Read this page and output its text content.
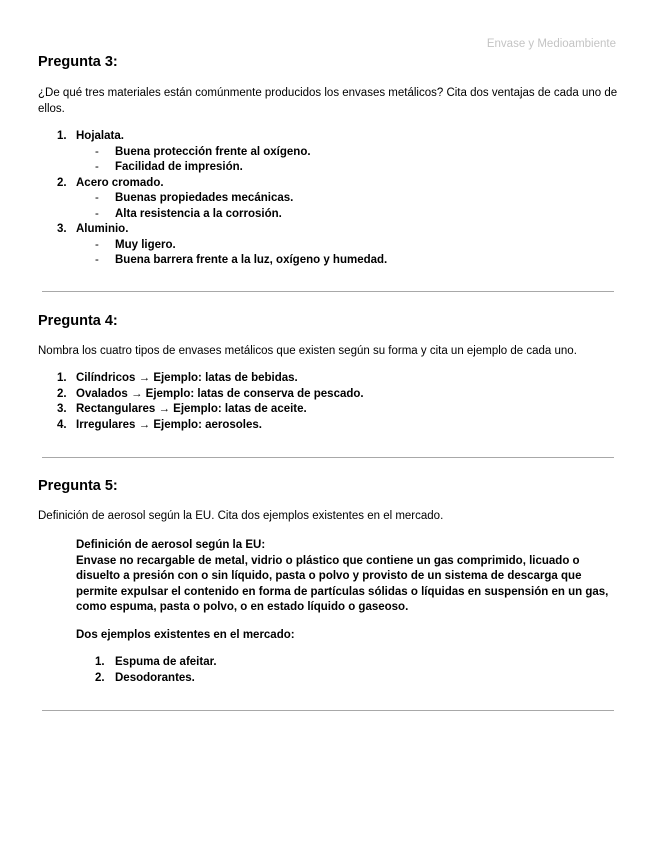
Envase y Medioambiente
Pregunta 3:

¿De qué tres materiales están comúnmente producidos los envases metálicos? Cita dos ventajas de cada uno de ellos.

1. Hojalata.
- Buena protección frente al oxígeno.
- Facilidad de impresión.
2. Acero cromado.
- Buenas propiedades mecánicas.
- Alta resistencia a la corrosión.
3. Aluminio.
- Muy ligero.
- Buena barrera frente a la luz, oxígeno y humedad.
Pregunta 4:

Nombra los cuatro tipos de envases metálicos que existen según su forma y cita un ejemplo de cada uno.

1. Cilíndricos → Ejemplo: latas de bebidas.
2. Ovalados → Ejemplo: latas de conserva de pescado.
3. Rectangulares → Ejemplo: latas de aceite.
4. Irregulares → Ejemplo: aerosoles.
Pregunta 5:

Definición de aerosol según la EU. Cita dos ejemplos existentes en el mercado.

Definición de aerosol según la EU:

Envase no recargable de metal, vidrio o plástico que contiene un gas comprimido, licuado o disuelto a presión con o sin líquido, pasta o polvo y provisto de un sistema de descarga que permite expulsar el contenido en forma de partículas sólidas o líquidas en suspensión en un gas, como espuma, pasta o polvo, o en estado líquido o gaseoso.

Dos ejemplos existentes en el mercado:

1. Espuma de afeitar.
2. Desodorantes.
